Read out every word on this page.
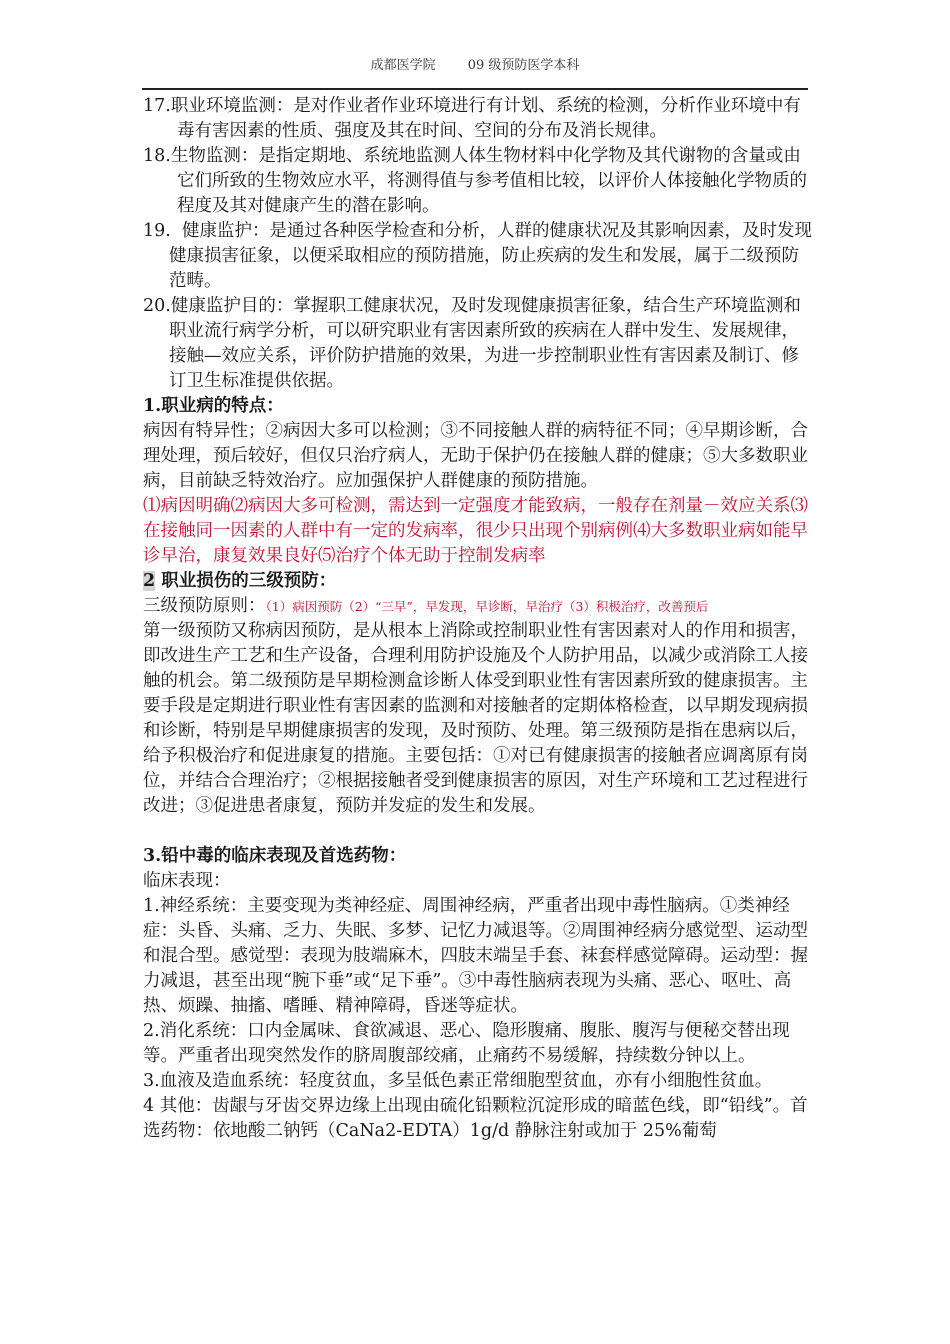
成都医学院 09 级预防医学本科

17.职业环境监测：是对作业者作业环境进行有计划、系统的检测，分析作业环境中有毒有害因素的性质、强度及其在时间、空间的分布及消长规律。

18.生物监测：是指定期地、系统地监测人体生物材料中化学物及其代谢物的含量或由它们所致的生物效应水平，将测得值与参考值相比较，以评价人体接触化学物质的程度及其对健康产生的潜在影响。

19.  健康监护：是通过各种医学检查和分析，人群的健康状况及其影响因素，及时发现健康损害征象，以便采取相应的预防措施，防止疾病的发生和发展，属于二级预防范畴。

20.健康监护目的：掌握职工健康状况，及时发现健康损害征象，结合生产环境监测和职业流行病学分析，可以研究职业有害因素所致的疾病在人群中发生、发展规律，接触—效应关系，评价防护措施的效果，为进一步控制职业性有害因素及制订、修订卫生标准提供依据。

1.职业病的特点：

病因有特异性；②病因大多可以检测；③不同接触人群的病特征不同；④早期诊断，合理处理，预后较好，但仅只治疗病人，无助于保护仍在接触人群的健康；⑤大多数职业病，目前缺乏特效治疗。应加强保护人群健康的预防措施。

⑴病因明确⑵病因大多可检测，需达到一定强度才能致病，一般存在剂量－效应关系⑶在接触同一因素的人群中有一定的发病率，很少只出现个别病例⑷大多数职业病如能早诊早治，康复效果良好⑸治疗个体无助于控制发病率

2 职业损伤的三级预防：

三级预防原则：（1）病因预防（2）“三早”，早发现，早诊断，早治疗（3）积极治疗，改善预后

第一级预防又称病因预防，是从根本上消除或控制职业性有害因素对人的作用和损害，即改进生产工艺和生产设备，合理利用防护设施及个人防护用品，以减少或消除工人接触的机会。第二级预防是早期检测盒诊断人体受到职业性有害因素所致的健康损害。主要手段是定期进行职业性有害因素的监测和对接触者的定期体格检查，以早期发现病损和诊断，特别是早期健康损害的发现，及时预防、处理。第三级预防是指在患病以后，给予积极治疗和促进康复的措施。主要包括：①对已有健康损害的接触者应调离原有岗位，并结合合理治疗；②根据接触者受到健康损害的原因，对生产环境和工艺过程进行改进；③促进患者康复，预防并发症的发生和发展。

3.铅中毒的临床表现及首选药物：

临床表现：

1.神经系统：主要变现为类神经症、周围神经病，严重者出现中毒性脑病。①类神经症：头昏、头痛、乏力、失眠、多梦、记忆力减退等。②周围神经病分感觉型、运动型和混合型。感觉型：表现为肢端麻木，四肢末端呈手套、袜套样感觉障碍。运动型：握力减退，甚至出现“腕下垂”或“足下垂”。③中毒性脑病表现为头痛、恶心、呕吐、高热、烦躁、抽搐、嗜睡、精神障碍，昏迷等症状。

2.消化系统：口内金属味、食欲减退、恶心、隐形腹痛、腹胀、腹泻与便秘交替出现等。严重者出现突然发作的脐周腹部绞痛，止痛药不易缓解，持续数分钟以上。

3.血液及造血系统：轻度贫血，多呈低色素正常细胞型贫血，亦有小细胞性贫血。

4 其他：齿龈与牙齿交界边缘上出现由硫化铅颗粒沉淀形成的暗蓝色线，即“铅线”。首选药物：依地酸二钠钙（CaNa2-EDTA）1g/d 静脉注射或加于 25%葡萄
